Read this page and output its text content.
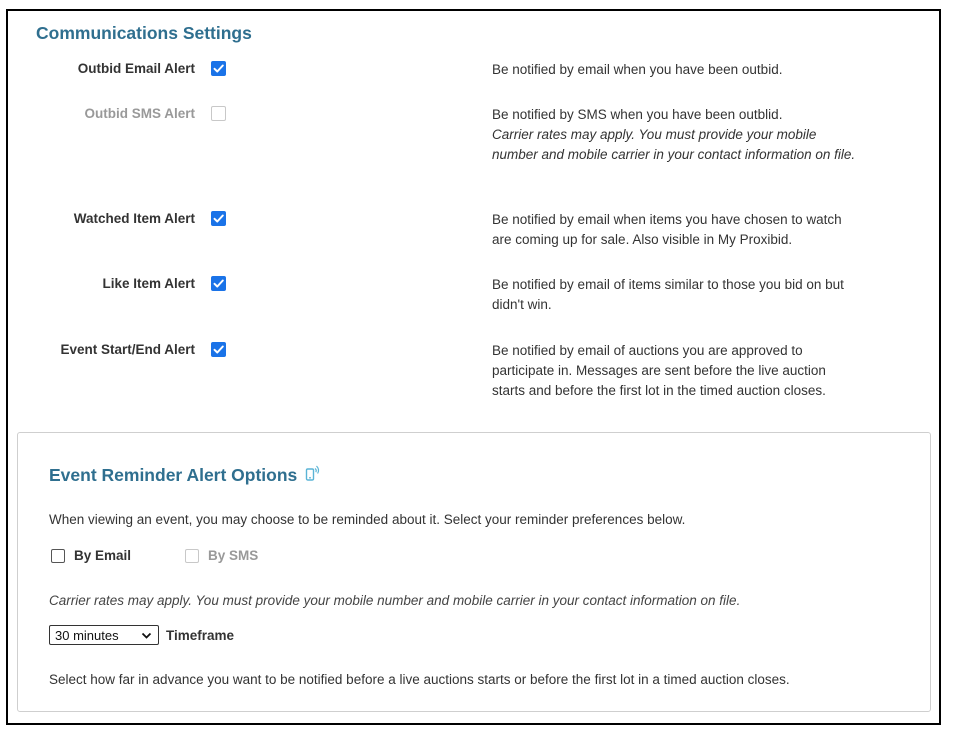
Communications Settings
Outbid Email Alert	Be notified by email when you have been outbid.
Outbid SMS Alert	Be notified by SMS when you have been outblid.
Carrier rates may apply. You must provide your mobile number and mobile carrier in your contact information on file.
Watched Item Alert	Be notified by email when items you have chosen to watch are coming up for sale. Also visible in My Proxibid.
Like Item Alert	Be notified by email of items similar to those you bid on but didn't win.
Event Start/End Alert	Be notified by email of auctions you are approved to participate in. Messages are sent before the live auction starts and before the first lot in the timed auction closes.
Event Reminder Alert Options
When viewing an event, you may choose to be reminded about it. Select your reminder preferences below.
By Email	By SMS
Carrier rates may apply. You must provide your mobile number and mobile carrier in your contact information on file.
30 minutes	Timeframe
Select how far in advance you want to be notified before a live auctions starts or before the first lot in a timed auction closes.
